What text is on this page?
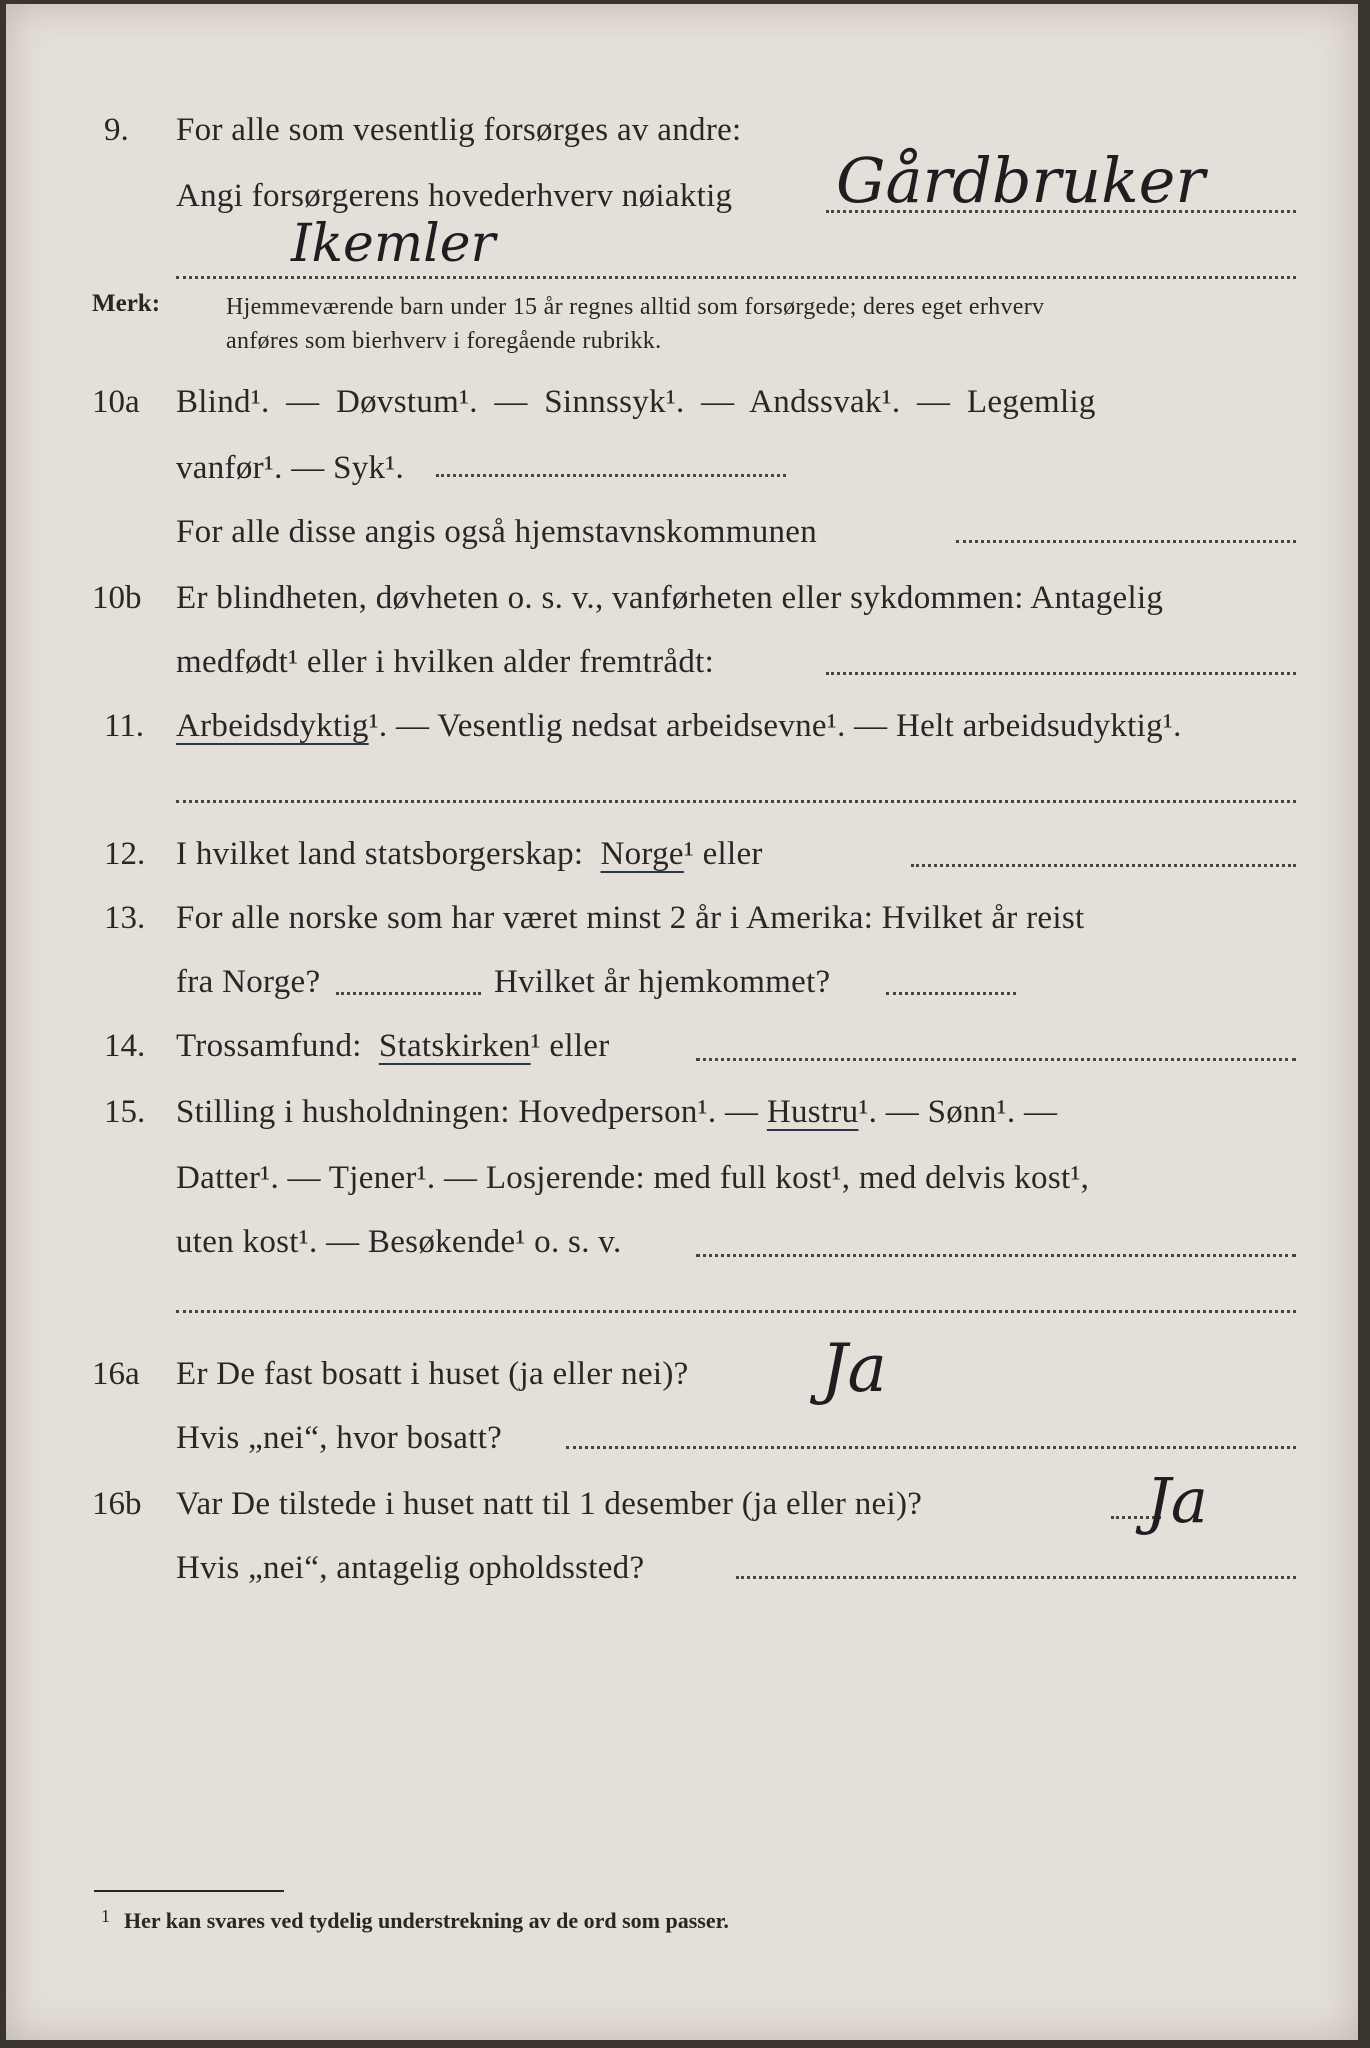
9. For alle som vesentlig forsørges av andre:
Angi forsørgerens hovederhverv nøiaktig Gårdbruker
Ikemler
Merk:	Hjemmeværende barn under 15 år regnes alltid som forsørgede; deres eget erhverv
anføres som bierhverv i foregående rubrikk.
10a Blind¹. — Døvstum¹. — Sinnssyk¹. — Andssvak¹. — Legemlig
vanfør¹. — Syk¹.
For alle disse angis også hjemstavnskommunen
10b Er blindheten, døvheten o. s. v., vanførheten eller sykdommen: Antagelig
medfødt¹ eller i hvilken alder fremtrådt:
11. Arbeidsdyktig¹. — Vesentlig nedsat arbeidsevne¹. — Helt arbeidsudyktig¹.
12. I hvilket land statsborgerskap: Norge¹ eller
13. For alle norske som har været minst 2 år i Amerika: Hvilket år reist
fra Norge?	Hvilket år hjemkommet?
14. Trossamfund: Statskirken¹ eller
15. Stilling i husholdningen: Hovedperson¹. — Hustru¹. — Sønn¹. —
Datter¹. — Tjener¹. — Losjerende: med full kost¹, med delvis kost¹,
uten kost¹. — Besøkende¹ o. s. v.
16a Er De fast bosatt i huset (ja eller nei)? Ja
Hvis „nei“, hvor bosatt?
16b Var De tilstede i huset natt til 1 desember (ja eller nei)?	Ja
Hvis „nei“, antagelig opholdssted?
1 Her kan svares ved tydelig understrekning av de ord som passer.
